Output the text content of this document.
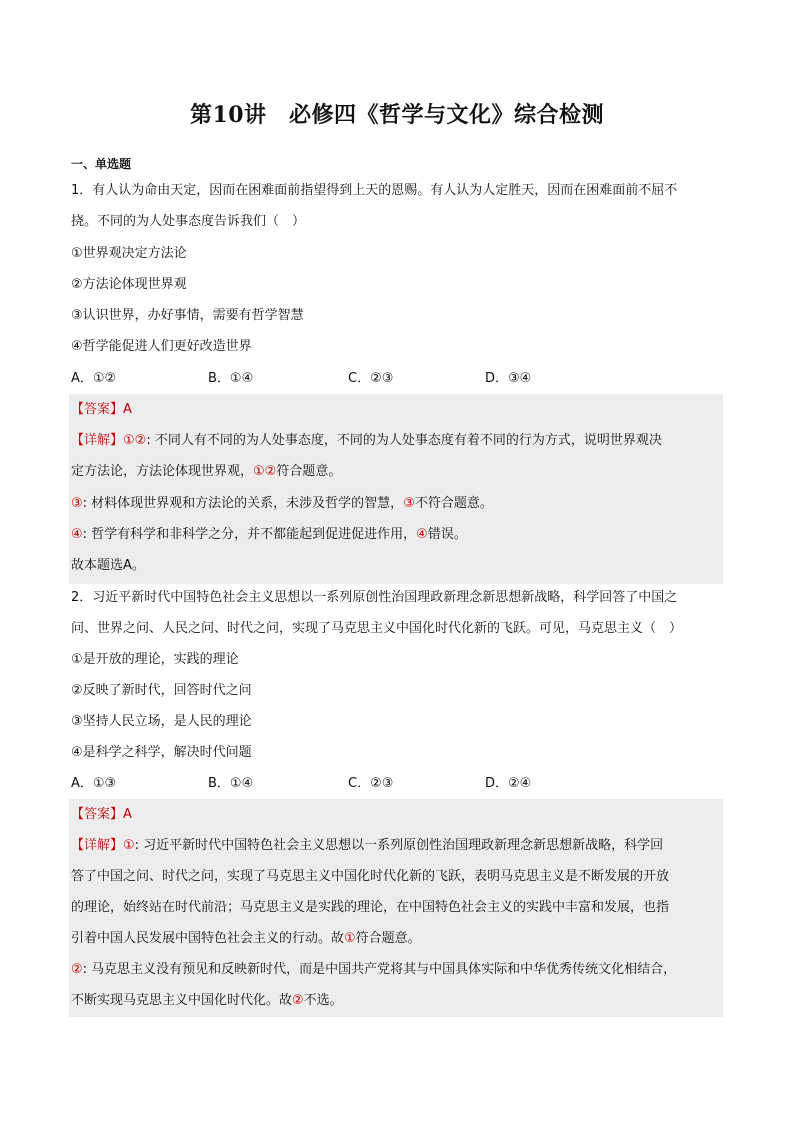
第10讲　必修四《哲学与文化》综合检测
一、单选题
1．有人认为命由天定，因而在困难面前指望得到上天的恩赐。有人认为人定胜天，因而在困难面前不屈不
挠。不同的为人处事态度告诉我们（　）
①世界观决定方法论
②方法论体现世界观
③认识世界，办好事情，需要有哲学智慧
④哲学能促进人们更好改造世界
A．①②	B．①④	C．②③	D．③④
【答案】A
【详解】①②: 不同人有不同的为人处事态度，不同的为人处事态度有着不同的行为方式，说明世界观决
定方法论，方法论体现世界观，①②符合题意。
③: 材料体现世界观和方法论的关系，未涉及哲学的智慧，③不符合题意。
④: 哲学有科学和非科学之分，并不都能起到促进促进作用，④错误。
故本题选A。
2．习近平新时代中国特色社会主义思想以一系列原创性治国理政新理念新思想新战略，科学回答了中国之
问、世界之问、人民之问、时代之问，实现了马克思主义中国化时代化新的飞跃。可见，马克思主义（　）
①是开放的理论，实践的理论
②反映了新时代，回答时代之问
③坚持人民立场，是人民的理论
④是科学之科学，解决时代问题
A．①③	B．①④	C．②③	D．②④
【答案】A
【详解】①: 习近平新时代中国特色社会主义思想以一系列原创性治国理政新理念新思想新战略，科学回
答了中国之问、时代之问，实现了马克思主义中国化时代化新的飞跃，表明马克思主义是不断发展的开放
的理论，始终站在时代前沿；马克思主义是实践的理论，在中国特色社会主义的实践中丰富和发展，也指
引着中国人民发展中国特色社会主义的行动。故①符合题意。
②: 马克思主义没有预见和反映新时代，而是中国共产党将其与中国具体实际和中华优秀传统文化相结合，
不断实现马克思主义中国化时代化。故②不选。
